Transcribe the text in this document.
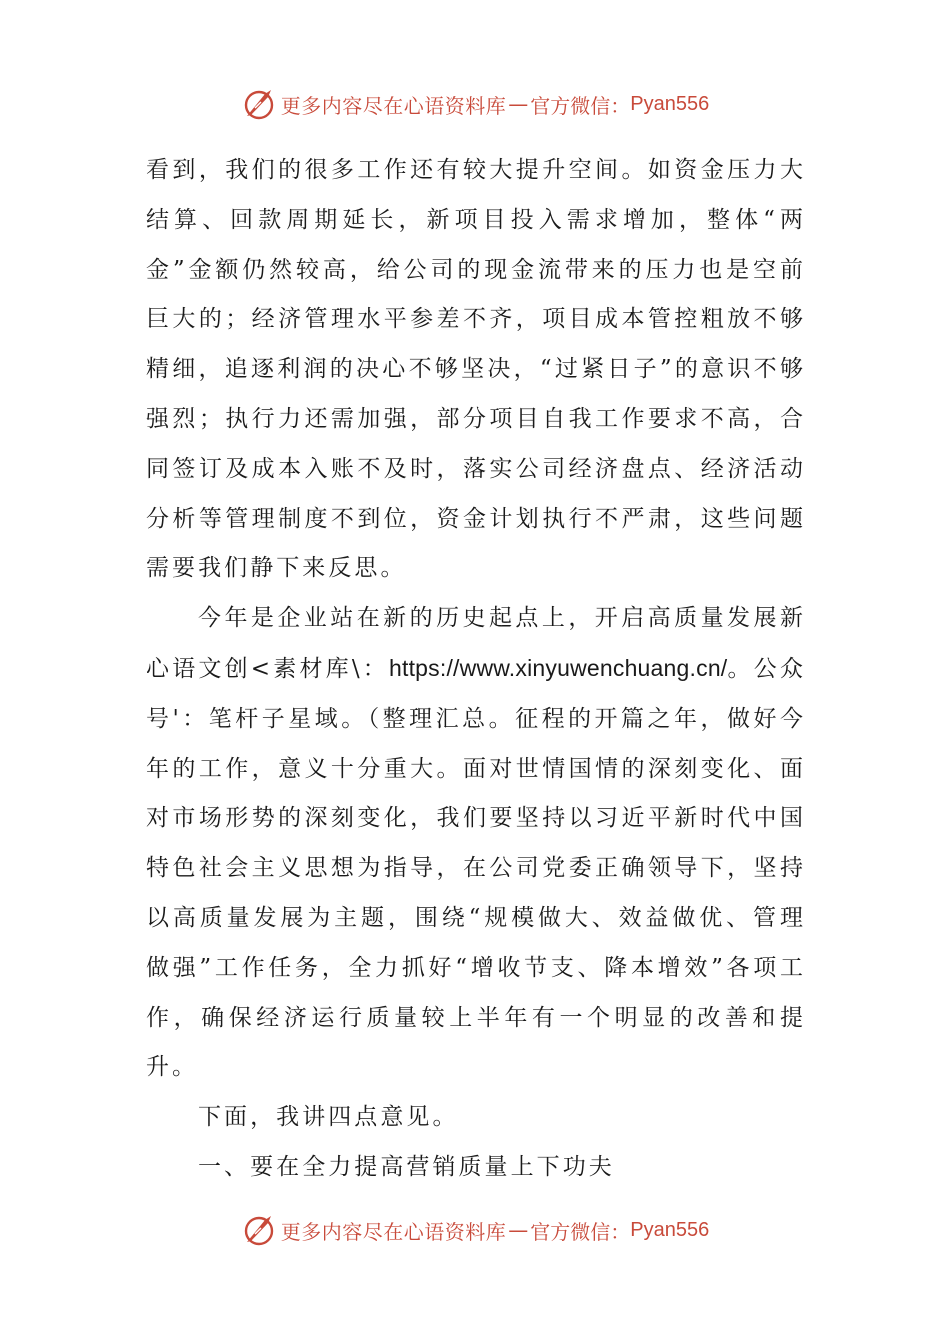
更多内容尽在心语资料库 — 官方微信： Pyan556

看到，我们的很多工作还有较大提升空间。如资金压力大结算、回款周期延长，新项目投入需求增加，整体“两金”金额仍然较高，给公司的现金流带来的压力也是空前巨大的；经济管理水平参差不齐，项目成本管控粗放不够精细，追逐利润的决心不够坚决，“过紧日子”的意识不够强烈；执行力还需加强，部分项目自我工作要求不高，合同签订及成本入账不及时，落实公司经济盘点、经济活动分析等管理制度不到位，资金计划执行不严肃，这些问题需要我们静下来反思。

今年是企业站在新的历史起点上，开启高质量发展新心语文创<素材库\：https://www.xinyuwenchuang.cn/。公众号'：笔杆子星域。（整理汇总。征程的开篇之年，做好今年的工作，意义十分重大。面对世情国情的深刻变化、面对市场形势的深刻变化，我们要坚持以习近平新时代中国特色社会主义思想为指导，在公司党委正确领导下，坚持以高质量发展为主题，围绕“规模做大、效益做优、管理做强”工作任务，全力抓好“增收节支、降本增效”各项工作，确保经济运行质量较上半年有一个明显的改善和提升。

下面，我讲四点意见。

一、要在全力提高营销质量上下功夫

更多内容尽在心语资料库 — 官方微信： Pyan556
